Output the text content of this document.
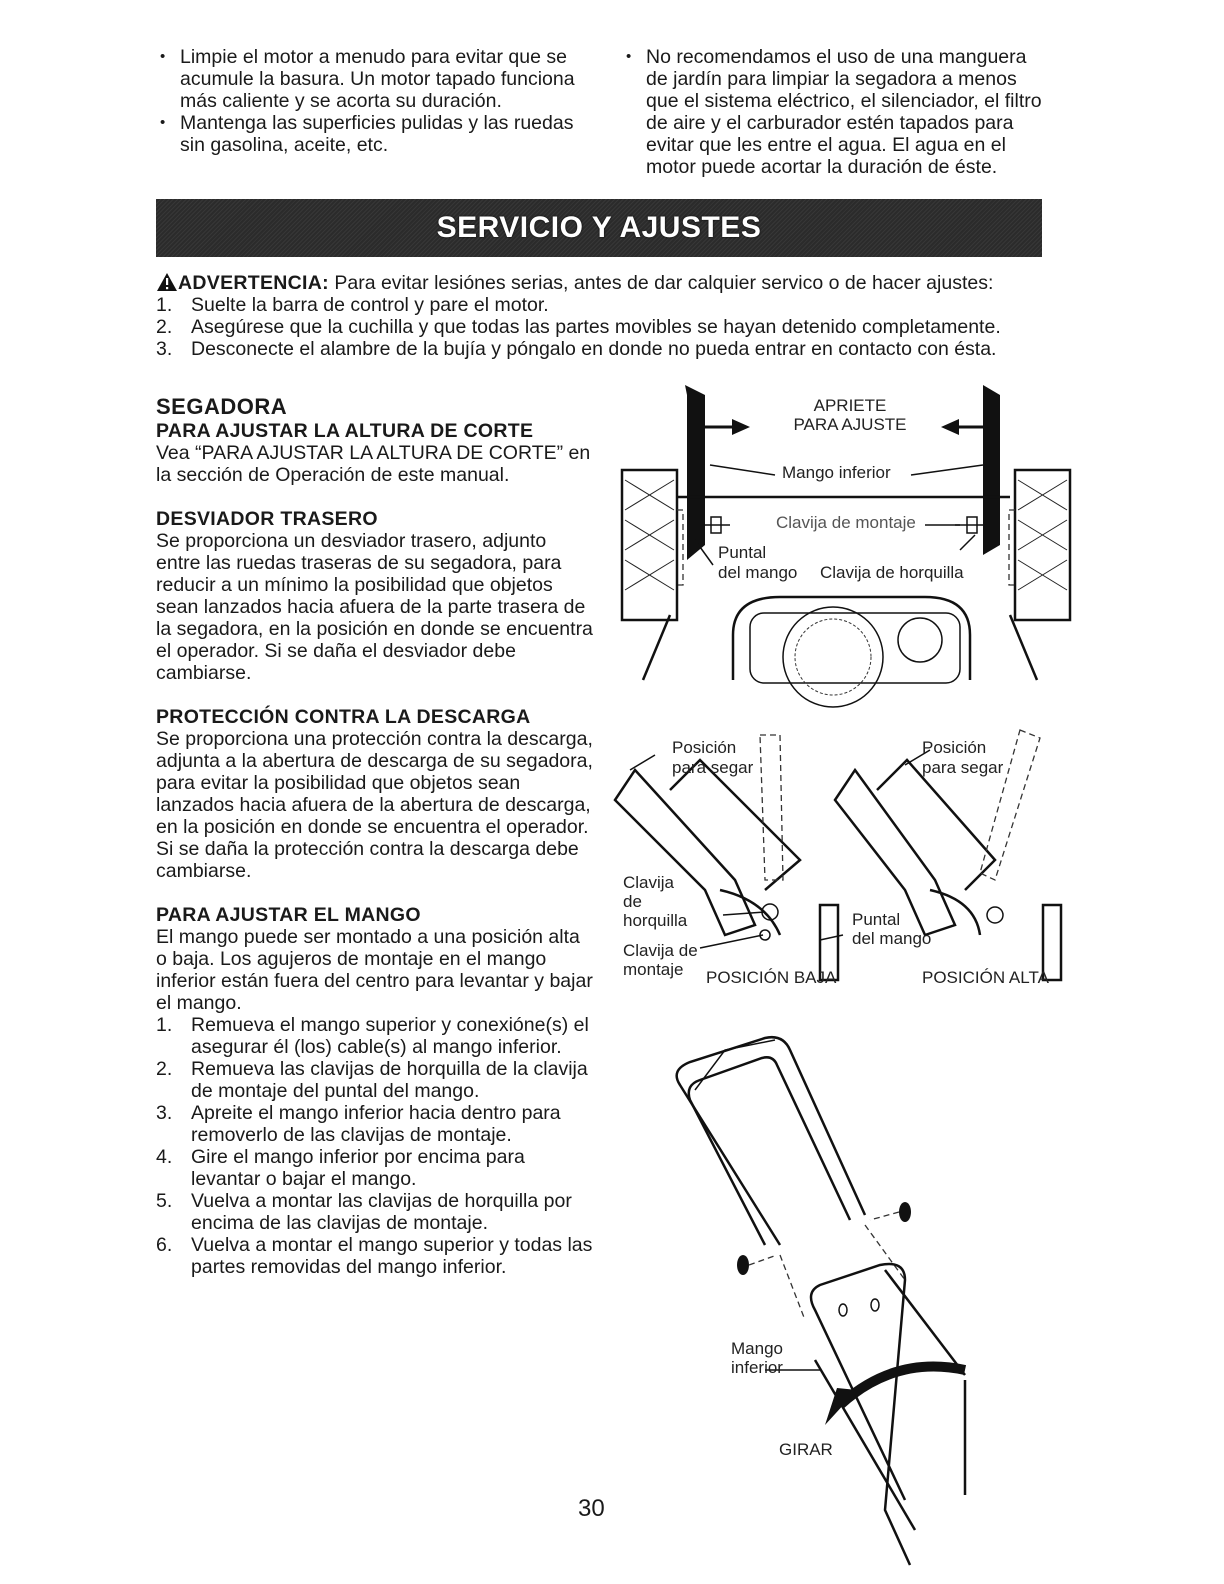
• Limpie el motor a menudo para evitar que se acumule la basura. Un motor tapado funciona más caliente y se acorta su duración.
• Mantenga las superficies pulidas y las ruedas sin gasolina, aceite, etc.
• No recomendamos el uso de una manguera de jardín para limpiar la segadora a menos que el sistema eléctrico, el silenciador, el filtro de aire y el carburador estén tapados para evitar que les entre el agua. El agua en el motor puede acortar la duración de éste.
SERVICIO Y AJUSTES
ADVERTENCIA: Para evitar lesiónes serias, antes de dar calquier servico o de hacer ajustes:
1. Suelte la barra de control y pare el motor.
2. Asegúrese que la cuchilla y que todas las partes movibles se hayan detenido completamente.
3. Desconecte el alambre de la bujía y póngalo en donde no pueda entrar en contacto con ésta.
SEGADORA
PARA AJUSTAR LA ALTURA DE CORTE
Vea “PARA AJUSTAR LA ALTURA DE CORTE” en la sección de Operación de este manual.
DESVIADOR TRASERO
Se proporciona un desviador trasero, adjunto entre las ruedas traseras de su segadora, para reducir a un mínimo la posibilidad que objetos sean lanzados hacia afuera de la parte trasera de la segadora, en la posición en donde se encuentra el operador. Si se daña el desviador debe cambiarse.
PROTECCIÓN CONTRA LA DESCARGA
Se proporciona una protección contra la descarga, adjunta a la abertura de descarga de su segadora, para evitar la posibilidad que objetos sean lanzados hacia afuera de la abertura de descarga, en la posición en donde se encuentra el operador. Si se daña la protección contra la descarga debe cambiarse.
PARA AJUSTAR EL MANGO
El mango puede ser montado a una posición alta o baja. Los agujeros de montaje en el mango inferior están fuera del centro para levantar y bajar el mango.
1. Remueva el mango superior y conexióne(s) el asegurar él (los) cable(s) al mango inferior.
2. Remueva las clavijas de horquilla de la clavija de montaje del puntal del mango.
3. Apreite el mango inferior hacia dentro para removerlo de las clavijas de montaje.
4. Gire el mango inferior por encima para levantar o bajar el mango.
5. Vuelva a montar las clavijas de horquilla por encima de las clavijas de montaje.
6. Vuelva a montar el mango superior y todas las partes removidas del mango inferior.
APRIETE
PARA AJUSTE
Mango inferior
Clavija de montaje
Puntal
del mango Clavija de horquilla
Posición
para segar
Posición
para segar
Clavija
de
horquilla
Clavija de
montaje
Puntal
del mango
POSICIÓN BAJA	POSICIÓN ALTA
Mango
inferior
GIRAR
30
